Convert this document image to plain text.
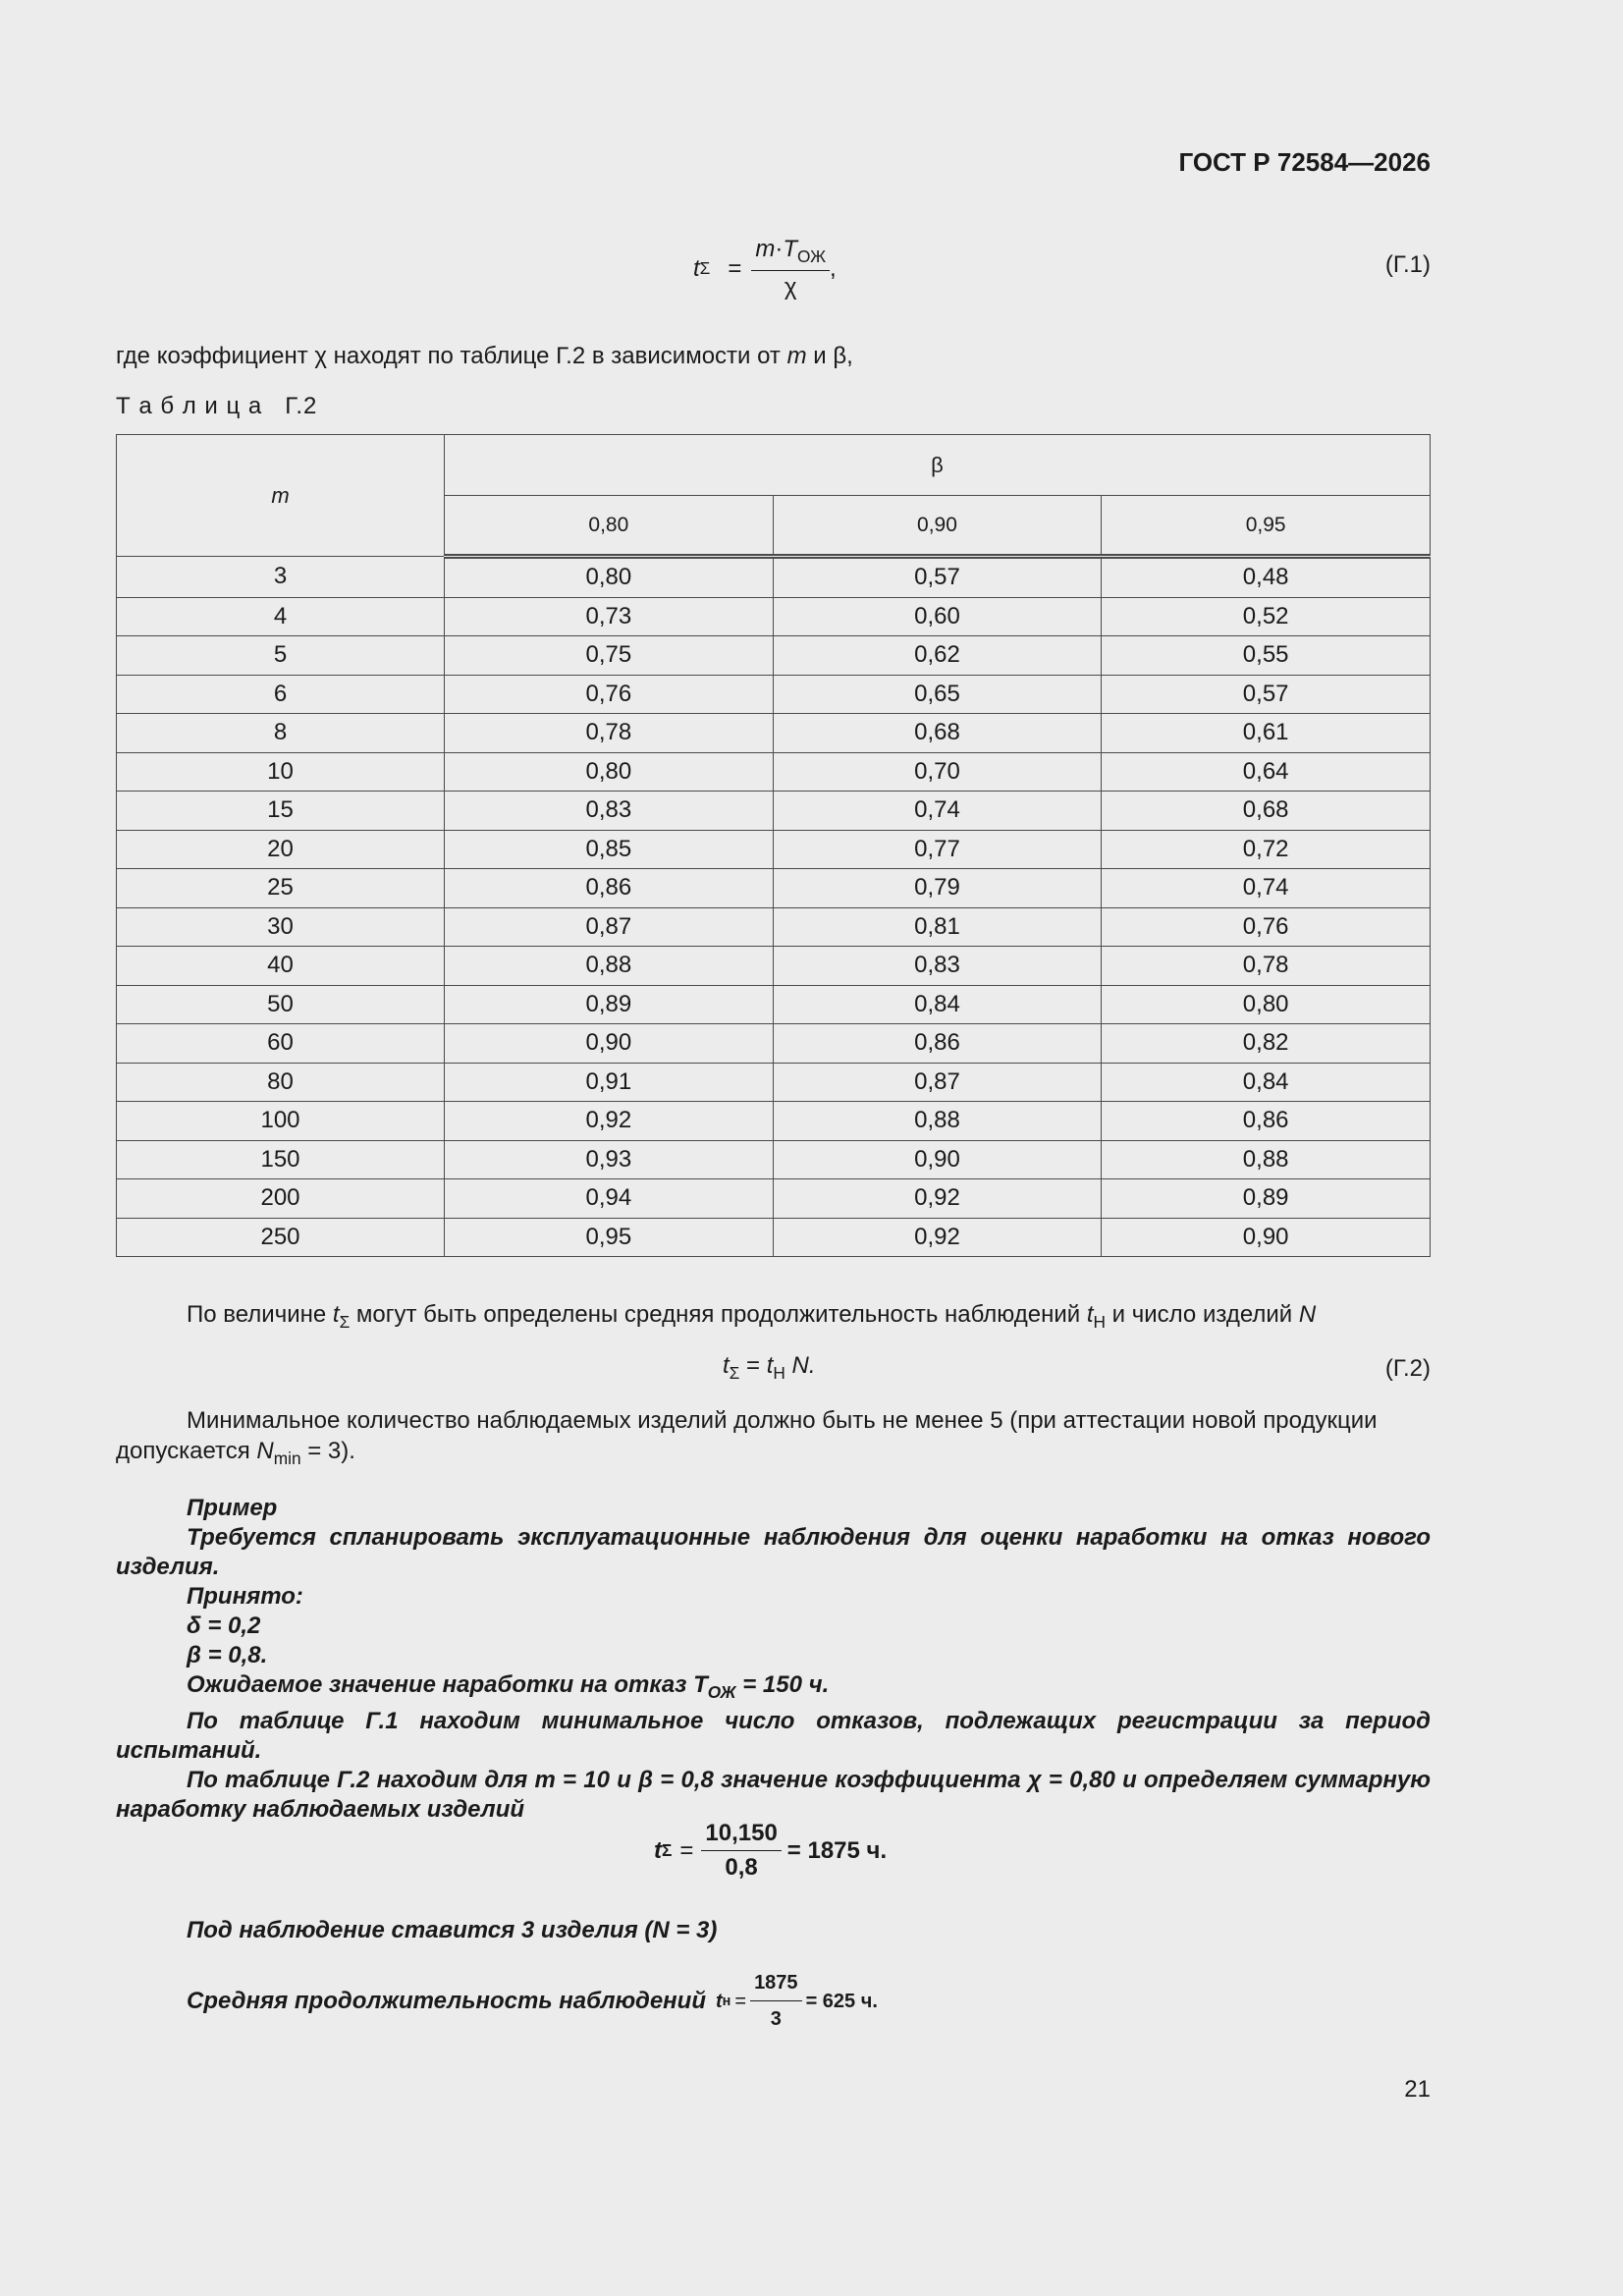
ГОСТ Р 72584—2026
t $\Sigma = \frac{m\cdot T_{ОЖ}}{\chi}$ ,	(Г.1)
где коэффициент χ находят по таблице Г.2 в зависимости от m и β,
Т а б л и ц а   Г.2
m	β		
	0,80	0,90	0,95
3	0,80	0,57	0,48
4	0,73	0,60	0,52
5	0,75	0,62	0,55
6	0,76	0,65	0,57
8	0,78	0,68	0,61
10	0,80	0,70	0,64
15	0,83	0,74	0,68
20	0,85	0,77	0,72
25	0,86	0,79	0,74
30	0,87	0,81	0,76
40	0,88	0,83	0,78
50	0,89	0,84	0,80
60	0,90	0,86	0,82
80	0,91	0,87	0,84
100	0,92	0,88	0,86
150	0,93	0,90	0,88
200	0,94	0,92	0,89
250	0,95	0,92	0,90
По величине $t_\Sigma$ могут быть определены средняя продолжительность наблюдений $t_Н$ и число изделий N
$t_\Sigma = t_Н$ N.	(Г.2)
Минимальное количество наблюдаемых изделий должно быть не менее 5 (при аттестации новой продукции допускается $N_{min} = 3$).

Пример

Требуется спланировать эксплуатационные наблюдения для оценки наработки на отказ нового изделия.

Принято:

δ = 0,2

β = 0,8.

Ожидаемое значение наработки на отказ $T_{ОЖ} = 150$ ч.

По таблице Г.1 находим минимальное число отказов, подлежащих регистрации за период испытаний.

По таблице Г.2 находим для m = 10 и β = 0,8 значение коэффициента χ = 0,80 и определяем суммарную наработку наблюдаемых изделий

t $\Sigma = \frac{10,150}{0,8} = 1875$ ч.

Под наблюдение ставится 3 изделия (N = 3)

Средняя продолжительность наблюдений t $н = \frac{1875}{3} = 625$ ч.
21
